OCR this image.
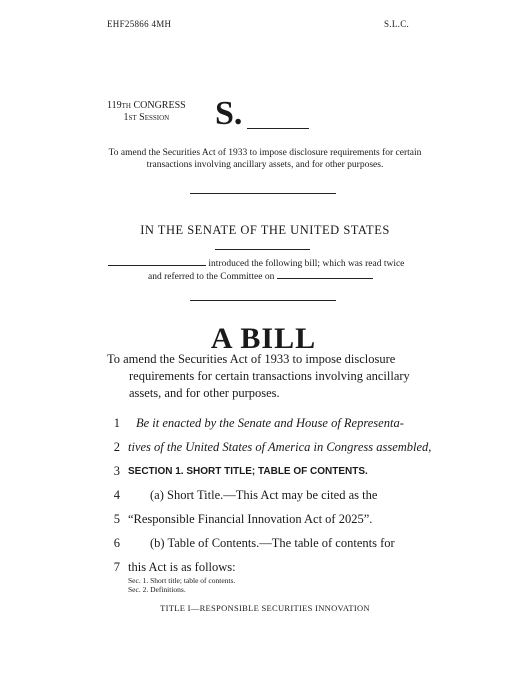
EHF25866 4MH	S.L.C.
119th CONGRESS
1st Session	S.
To amend the Securities Act of 1933 to impose disclosure requirements for certain transactions involving ancillary assets, and for other purposes.
IN THE SENATE OF THE UNITED STATES
introduced the following bill; which was read twice
and referred to the Committee on
A BILL
To amend the Securities Act of 1933 to impose disclosure
requirements for certain transactions involving ancillary
assets, and for other purposes.
1 Be it enacted by the Senate and House of Representa-
2 tives of the United States of America in Congress assembled,
3 SECTION 1. SHORT TITLE; TABLE OF CONTENTS.
4 (a) Short Title.—This Act may be cited as the
5 “Responsible Financial Innovation Act of 2025”.
6 (b) Table of Contents.—The table of contents for
7 this Act is as follows:
Sec. 1. Short title; table of contents.
Sec. 2. Definitions.
TITLE I—RESPONSIBLE SECURITIES INNOVATION
